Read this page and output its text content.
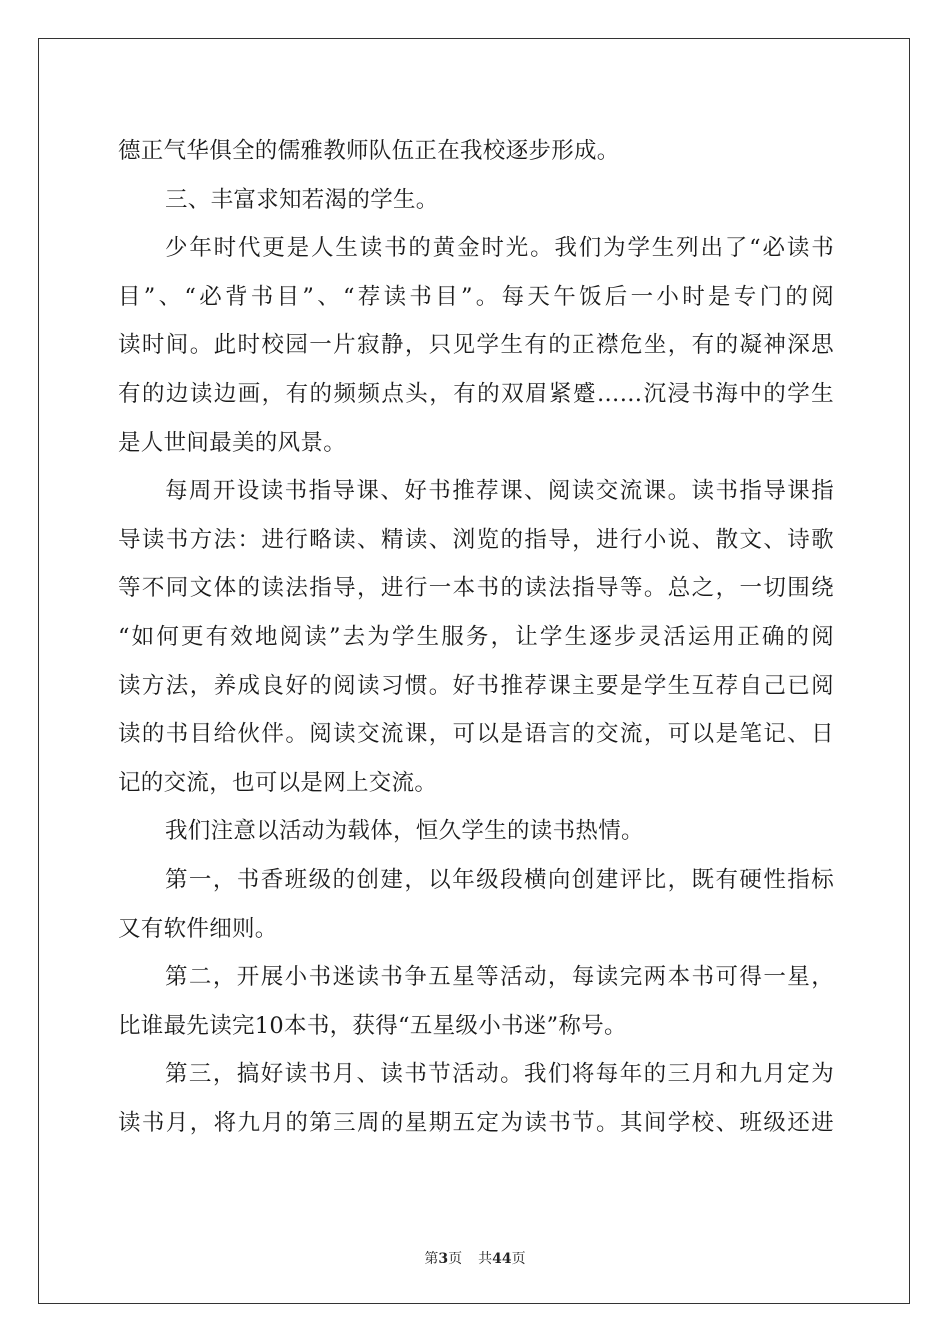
德正气华俱全的儒雅教师队伍正在我校逐步形成。
三、丰富求知若渴的学生。
少年时代更是人生读书的黄金时光。我们为学生列出了“必读书
目”、“必背书目”、“荐读书目”。每天午饭后一小时是专门的阅
读时间。此时校园一片寂静，只见学生有的正襟危坐，有的凝神深思
有的边读边画，有的频频点头，有的双眉紧蹙……沉浸书海中的学生
是人世间最美的风景。
每周开设读书指导课、好书推荐课、阅读交流课。读书指导课指
导读书方法：进行略读、精读、浏览的指导，进行小说、散文、诗歌
等不同文体的读法指导，进行一本书的读法指导等。总之，一切围绕
“如何更有效地阅读”去为学生服务，让学生逐步灵活运用正确的阅
读方法，养成良好的阅读习惯。好书推荐课主要是学生互荐自己已阅
读的书目给伙伴。阅读交流课，可以是语言的交流，可以是笔记、日
记的交流，也可以是网上交流。
我们注意以活动为载体，恒久学生的读书热情。
第一，书香班级的创建，以年级段横向创建评比，既有硬性指标
又有软件细则。
第二，开展小书迷读书争五星等活动，每读完两本书可得一星，
比谁最先读完10本书，获得“五星级小书迷”称号。
第三，搞好读书月、读书节活动。我们将每年的三月和九月定为
读书月，将九月的第三周的星期五定为读书节。其间学校、班级还进
第3页 共44页
